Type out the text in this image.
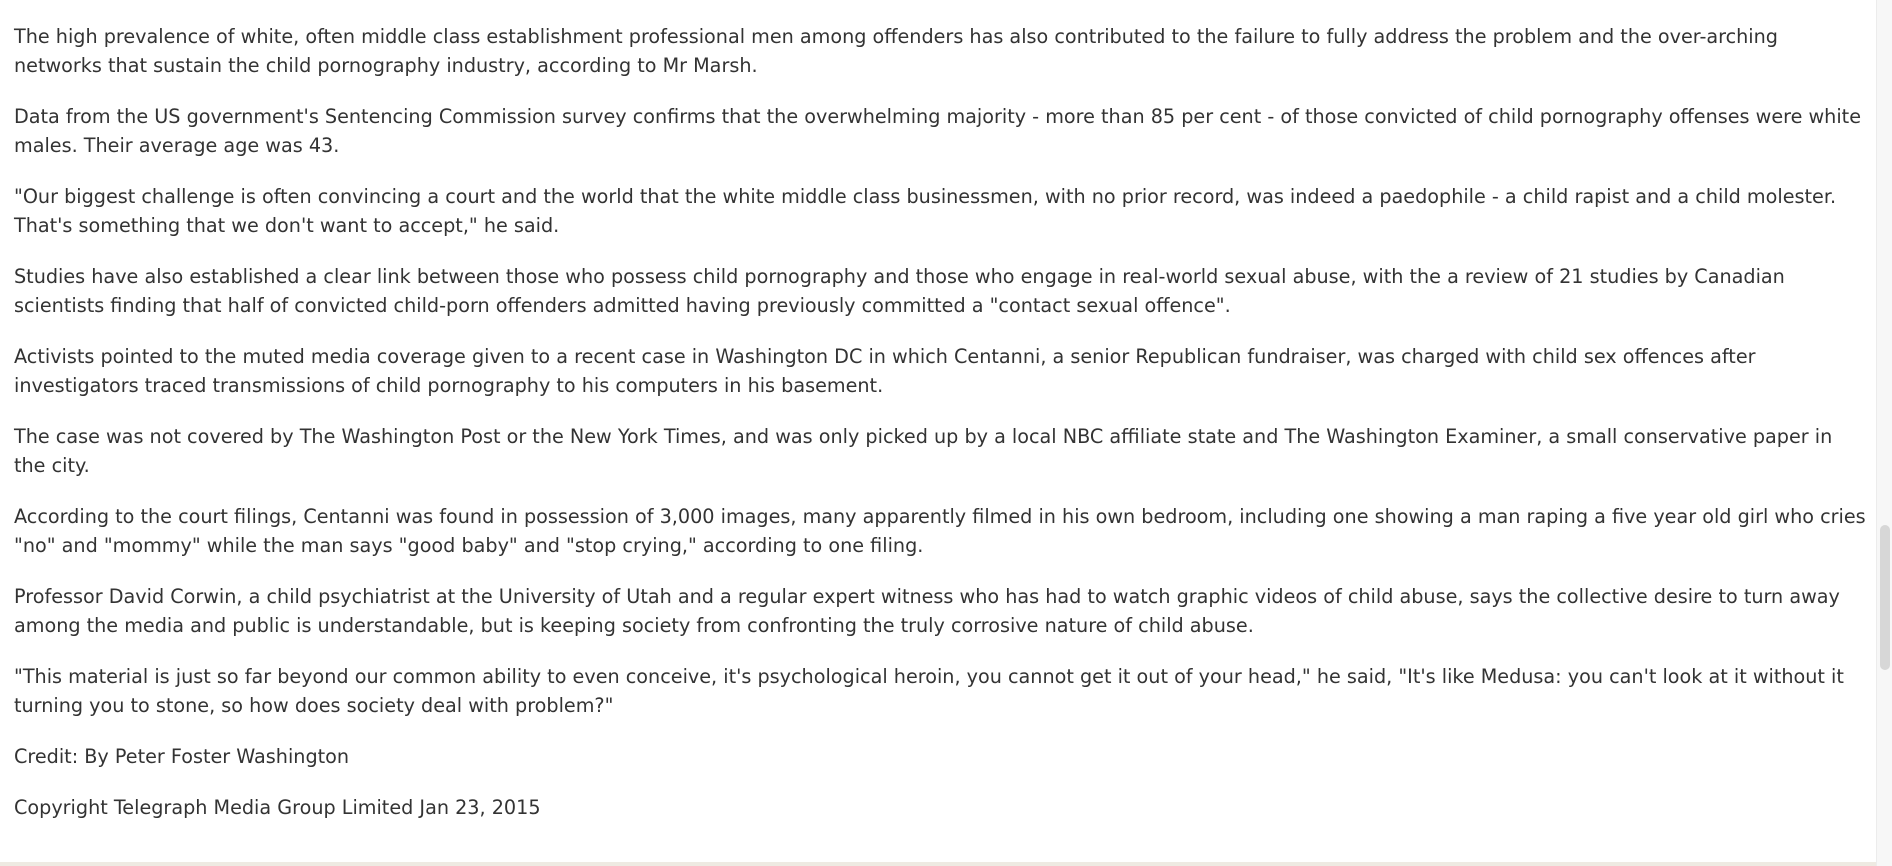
The high prevalence of white, often middle class establishment professional men among offenders has also contributed to the failure to fully address the problem and the over-arching networks that sustain the child pornography industry, according to Mr Marsh.

Data from the US government's Sentencing Commission survey confirms that the overwhelming majority - more than 85 per cent - of those convicted of child pornography offenses were white males. Their average age was 43.

"Our biggest challenge is often convincing a court and the world that the white middle class businessmen, with no prior record, was indeed a paedophile - a child rapist and a child molester. That's something that we don't want to accept," he said.

Studies have also established a clear link between those who possess child pornography and those who engage in real-world sexual abuse, with the a review of 21 studies by Canadian scientists finding that half of convicted child-porn offenders admitted having previously committed a "contact sexual offence".

Activists pointed to the muted media coverage given to a recent case in Washington DC in which Centanni, a senior Republican fundraiser, was charged with child sex offences after investigators traced transmissions of child pornography to his computers in his basement.

The case was not covered by The Washington Post or the New York Times, and was only picked up by a local NBC affiliate state and The Washington Examiner, a small conservative paper in the city.

According to the court filings, Centanni was found in possession of 3,000 images, many apparently filmed in his own bedroom, including one showing a man raping a five year old girl who cries "no" and "mommy" while the man says "good baby" and "stop crying," according to one filing.

Professor David Corwin, a child psychiatrist at the University of Utah and a regular expert witness who has had to watch graphic videos of child abuse, says the collective desire to turn away among the media and public is understandable, but is keeping society from confronting the truly corrosive nature of child abuse.

"This material is just so far beyond our common ability to even conceive, it's psychological heroin, you cannot get it out of your head," he said, "It's like Medusa: you can't look at it without it turning you to stone, so how does society deal with problem?"

Credit: By Peter Foster Washington

Copyright Telegraph Media Group Limited Jan 23, 2015
